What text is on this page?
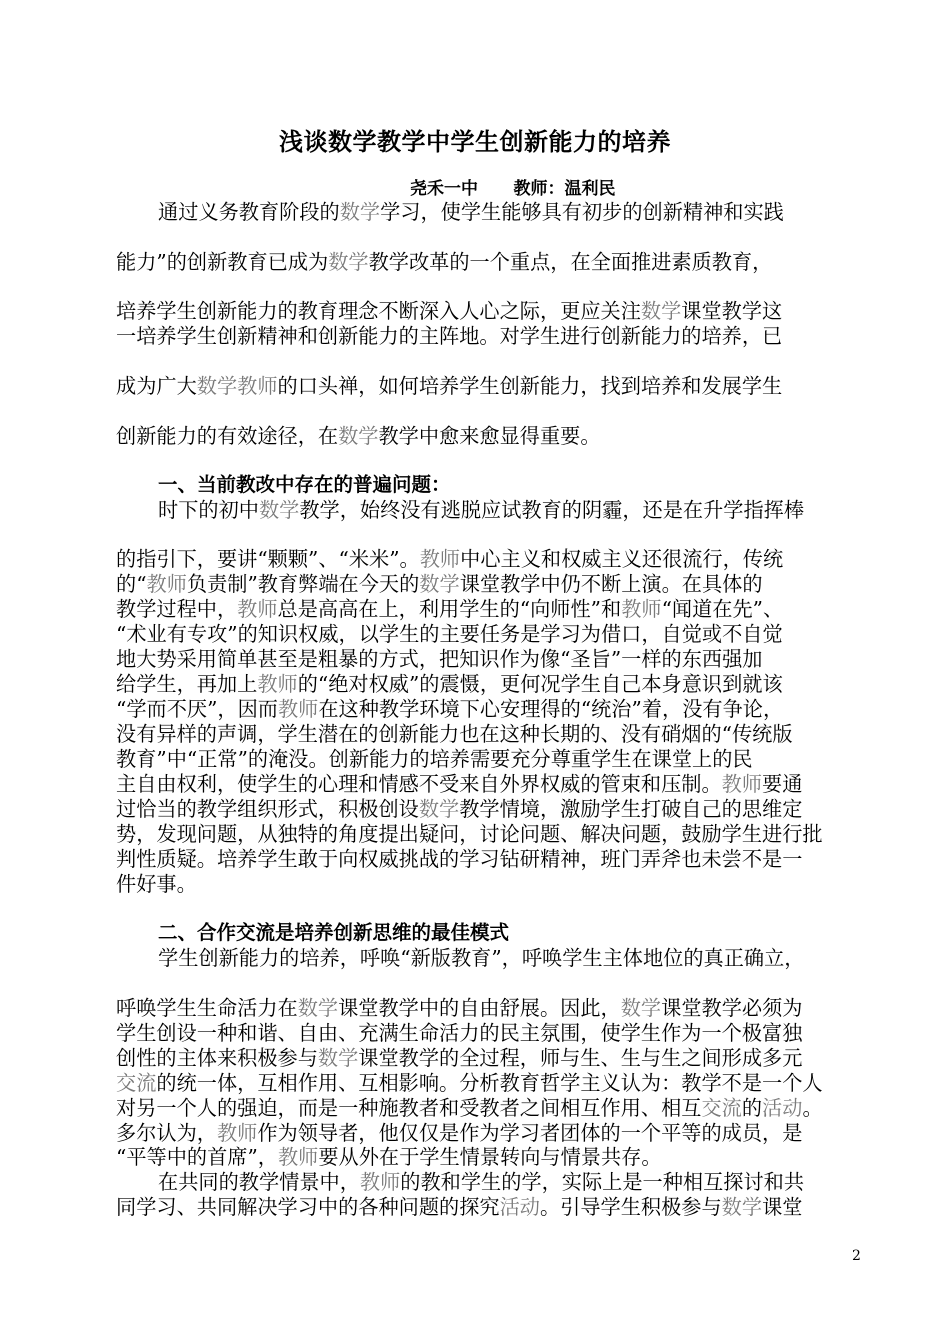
浅谈数学教学中学生创新能力的培养
尧禾一中      教师：温利民
通过义务教育阶段的数学学习，使学生能够具有初步的创新精神和实践
能力”的创新教育已成为数学教学改革的一个重点，在全面推进素质教育，
培养学生创新能力的教育理念不断深入人心之际，更应关注数学课堂教学这
一培养学生创新精神和创新能力的主阵地。对学生进行创新能力的培养，已
成为广大数学教师的口头禅，如何培养学生创新能力，找到培养和发展学生
创新能力的有效途径，在数学教学中愈来愈显得重要。
一、当前教改中存在的普遍问题：
时下的初中数学教学，始终没有逃脱应试教育的阴霾，还是在升学指挥棒
的指引下，要讲“颗颗”、“米米”。教师中心主义和权威主义还很流行，传统
的“教师负责制”教育弊端在今天的数学课堂教学中仍不断上演。在具体的
教学过程中，教师总是高高在上，利用学生的“向师性”和教师“闻道在先”、
“术业有专攻”的知识权威，以学生的主要任务是学习为借口，自觉或不自觉
地大势采用简单甚至是粗暴的方式，把知识作为像“圣旨”一样的东西强加
给学生，再加上教师的“绝对权威”的震慑，更何况学生自己本身意识到就该
“学而不厌”，因而教师在这种教学环境下心安理得的“统治”着，没有争论，
没有异样的声调，学生潜在的创新能力也在这种长期的、没有硝烟的“传统版
教育”中“正常”的淹没。创新能力的培养需要充分尊重学生在课堂上的民
主自由权利，使学生的心理和情感不受来自外界权威的管束和压制。教师要通
过恰当的教学组织形式，积极创设数学教学情境，激励学生打破自己的思维定
势，发现问题，从独特的角度提出疑问，讨论问题、解决问题，鼓励学生进行批
判性质疑。培养学生敢于向权威挑战的学习钻研精神，班门弄斧也未尝不是一
件好事。
二、合作交流是培养创新思维的最佳模式
学生创新能力的培养，呼唤“新版教育”，呼唤学生主体地位的真正确立，
呼唤学生生命活力在数学课堂教学中的自由舒展。因此，数学课堂教学必须为
学生创设一种和谐、自由、充满生命活力的民主氛围，使学生作为一个极富独
创性的主体来积极参与数学课堂教学的全过程，师与生、生与生之间形成多元
交流的统一体，互相作用、互相影响。分析教育哲学主义认为：教学不是一个人
对另一个人的强迫，而是一种施教者和受教者之间相互作用、相互交流的活动。
多尔认为，教师作为领导者，他仅仅是作为学习者团体的一个平等的成员，是
“平等中的首席”，教师要从外在于学生情景转向与情景共存。
在共同的教学情景中，教师的教和学生的学，实际上是一种相互探讨和共
同学习、共同解决学习中的各种问题的探究活动。引导学生积极参与数学课堂
2
